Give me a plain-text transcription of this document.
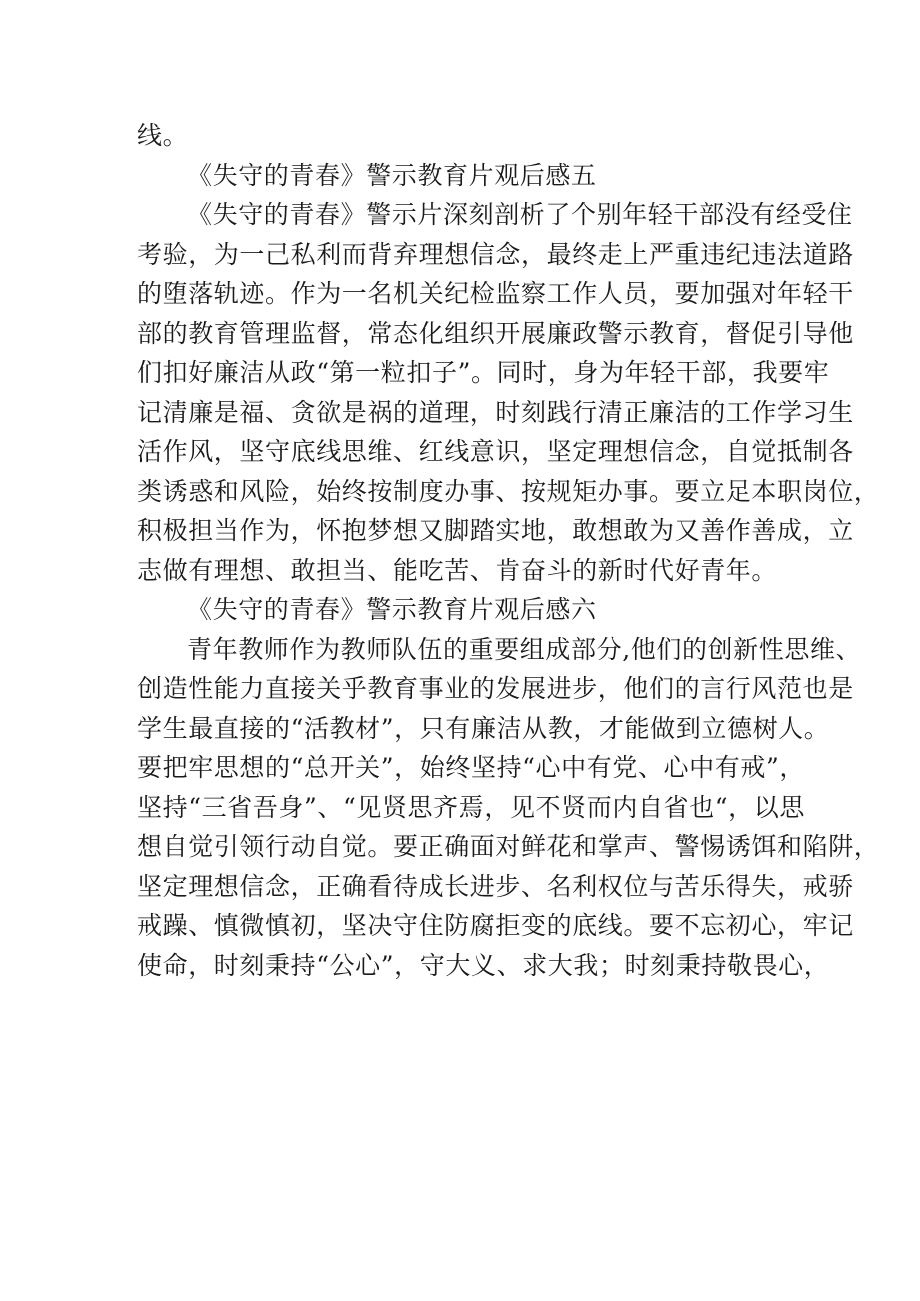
线。
《失守的青春》警示教育片观后感五
《失守的青春》警示片深刻剖析了个别年轻干部没有经受住
考验，为一己私利而背弃理想信念，最终走上严重违纪违法道路
的堕落轨迹。作为一名机关纪检监察工作人员，要加强对年轻干
部的教育管理监督，常态化组织开展廉政警示教育，督促引导他
们扣好廉洁从政“第一粒扣子”。同时，身为年轻干部，我要牢
记清廉是福、贪欲是祸的道理，时刻践行清正廉洁的工作学习生
活作风，坚守底线思维、红线意识，坚定理想信念，自觉抵制各
类诱惑和风险，始终按制度办事、按规矩办事。要立足本职岗位，
积极担当作为，怀抱梦想又脚踏实地，敢想敢为又善作善成，立
志做有理想、敢担当、能吃苦、肯奋斗的新时代好青年。
《失守的青春》警示教育片观后感六
青年教师作为教师队伍的重要组成部分,他们的创新性思维、
创造性能力直接关乎教育事业的发展进步，他们的言行风范也是
学生最直接的“活教材”，只有廉洁从教，才能做到立德树人。
要把牢思想的“总开关”，始终坚持“心中有党、心中有戒”，
坚持“三省吾身”、“见贤思齐焉，见不贤而内自省也“，以思
想自觉引领行动自觉。要正确面对鲜花和掌声、警惕诱饵和陷阱，
坚定理想信念，正确看待成长进步、名利权位与苦乐得失，戒骄
戒躁、慎微慎初，坚决守住防腐拒变的底线。要不忘初心，牢记
使命，时刻秉持“公心”，守大义、求大我；时刻秉持敬畏心，
